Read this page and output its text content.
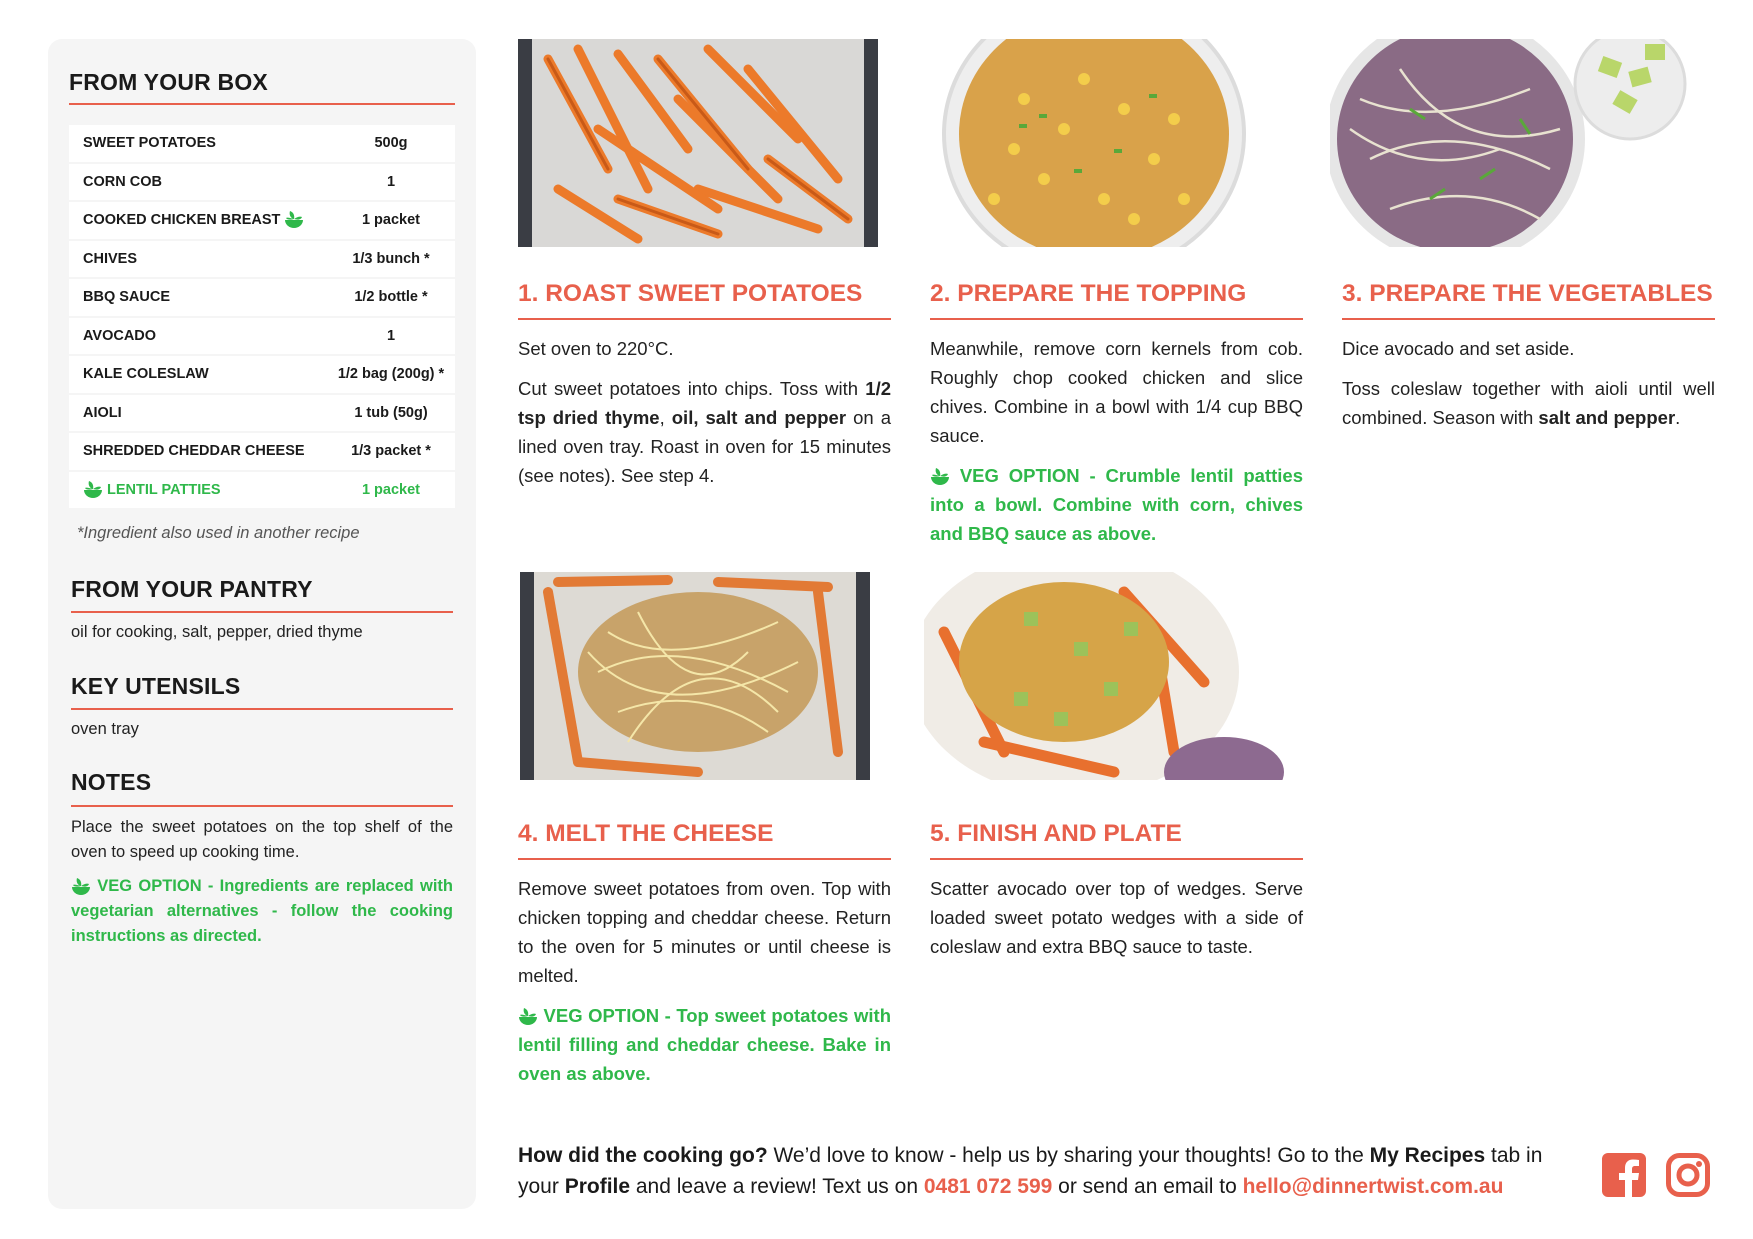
FROM YOUR BOX
SWEET POTATOES	500g
CORN COB	1
COOKED CHICKEN BREAST	1 packet
CHIVES	1/3 bunch *
BBQ SAUCE	1/2 bottle *
AVOCADO	1
KALE COLESLAW	1/2 bag (200g) *
AIOLI	1 tub (50g)
SHREDDED CHEDDAR CHEESE	1/3 packet *
LENTIL PATTIES	1 packet
*Ingredient also used in another recipe
FROM YOUR PANTRY
oil for cooking, salt, pepper, dried thyme
KEY UTENSILS
oven tray
NOTES
Place the sweet potatoes on the top shelf of the oven to speed up cooking time.
VEG OPTION - Ingredients are replaced with vegetarian alternatives - follow the cooking instructions as directed.
1. ROAST SWEET POTATOES

Set oven to 220°C.

Cut sweet potatoes into chips. Toss with 1/2 tsp dried thyme, oil, salt and pepper on a lined oven tray. Roast in oven for 15 minutes (see notes). See step 4.

2. PREPARE THE TOPPING

Meanwhile, remove corn kernels from cob. Roughly chop cooked chicken and slice chives. Combine in a bowl with 1/4 cup BBQ sauce.

VEG OPTION - Crumble lentil patties into a bowl. Combine with corn, chives and BBQ sauce as above.

3. PREPARE THE VEGETABLES

Dice avocado and set aside.

Toss coleslaw together with aioli until well combined. Season with salt and pepper.

4. MELT THE CHEESE

Remove sweet potatoes from oven. Top with chicken topping and cheddar cheese. Return to the oven for 5 minutes or until cheese is melted.

VEG OPTION - Top sweet potatoes with lentil filling and cheddar cheese. Bake in oven as above.

5. FINISH AND PLATE

Scatter avocado over top of wedges. Serve loaded sweet potato wedges with a side of coleslaw and extra BBQ sauce to taste.

How did the cooking go? We’d love to know - help us by sharing your thoughts! Go to the My Recipes tab in your Profile and leave a review! Text us on 0481 072 599 or send an email to hello@dinnertwist.com.au
